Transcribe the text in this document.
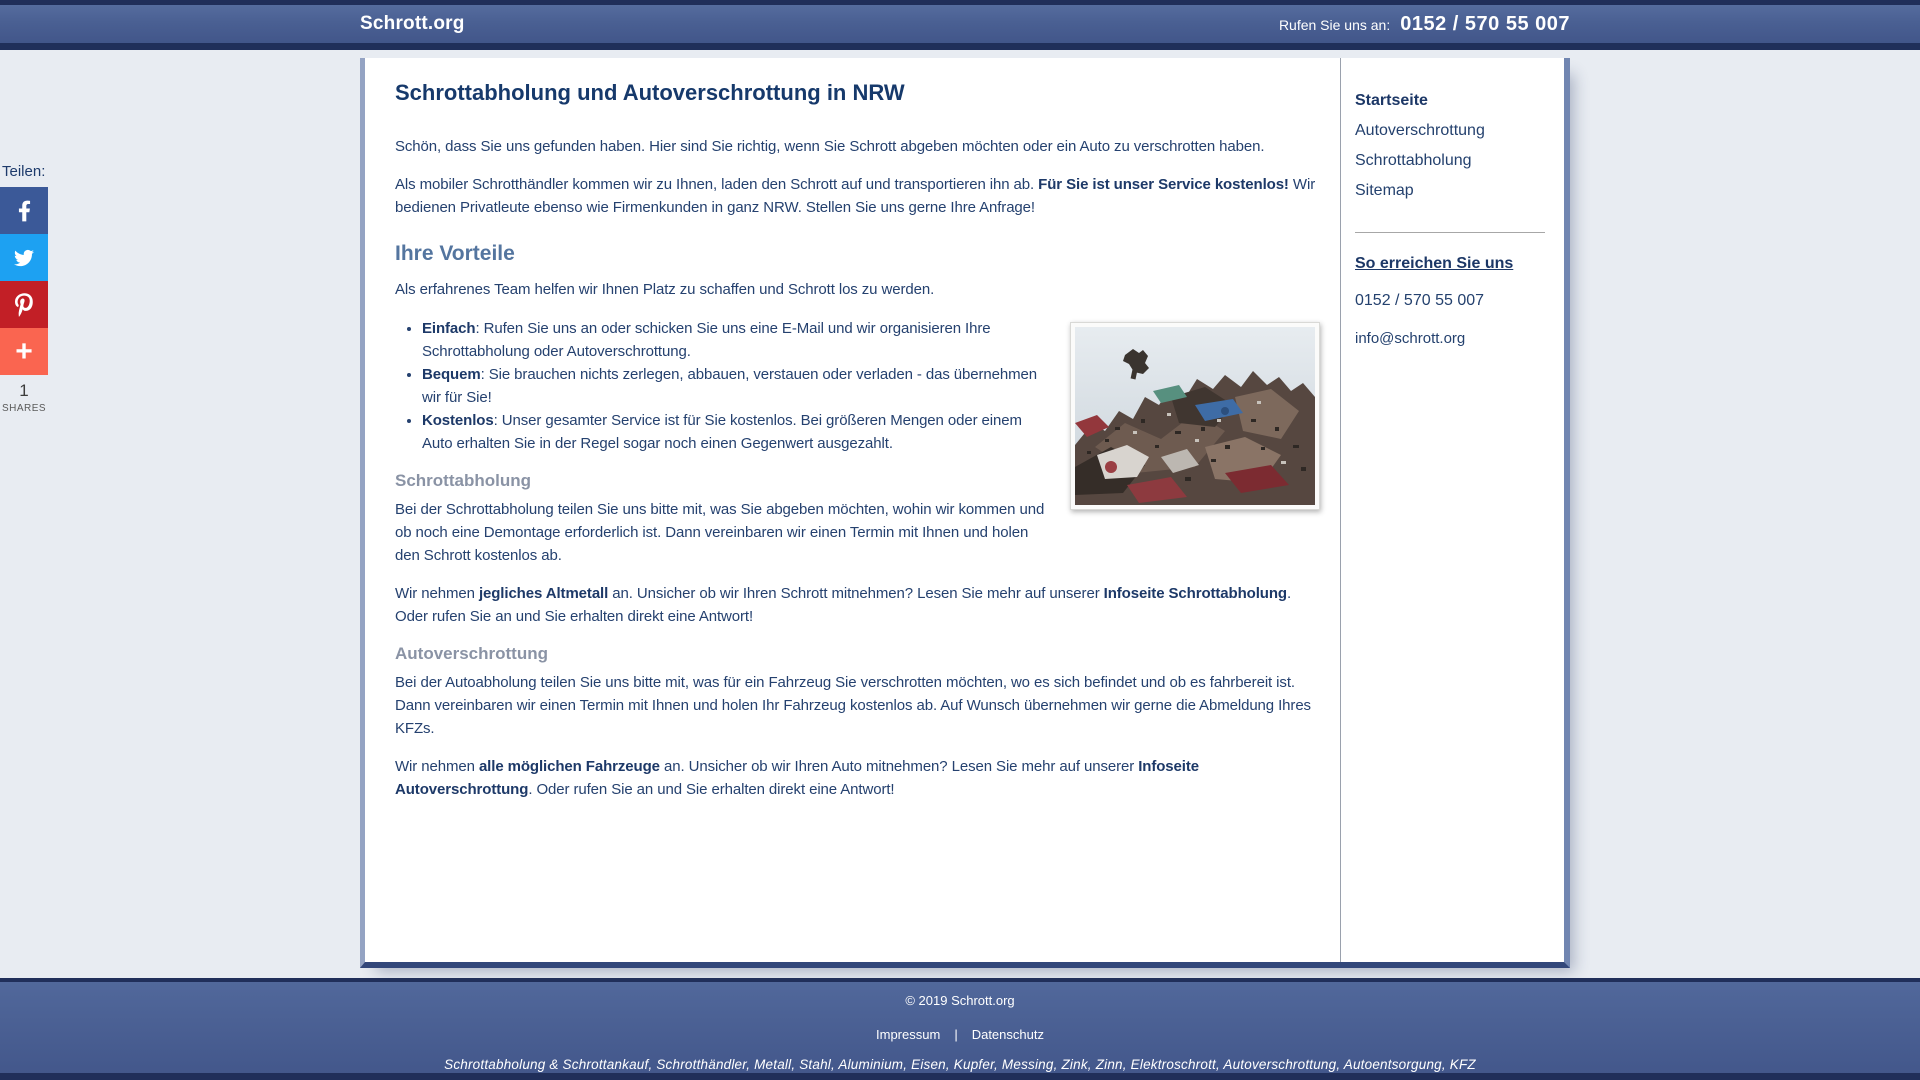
Schrott.org	Rufen Sie uns an: 0152 / 570 55 007
Teilen:
+
1
SHARES
Schrottabholung und Autoverschrottung in NRW

Schön, dass Sie uns gefunden haben. Hier sind Sie richtig, wenn Sie Schrott abgeben möchten oder ein Auto zu verschrotten haben.

Als mobiler Schrotthändler kommen wir zu Ihnen, laden den Schrott auf und transportieren ihn ab. Für Sie ist unser Service kostenlos! Wir bedienen Privatleute ebenso wie Firmenkunden in ganz NRW. Stellen Sie uns gerne Ihre Anfrage!

Ihre Vorteile

Als erfahrenes Team helfen wir Ihnen Platz zu schaffen und Schrott los zu werden.

• Einfach: Rufen Sie uns an oder schicken Sie uns eine E-Mail und wir organisieren Ihre Schrottabholung oder Autoverschrottung.
• Bequem: Sie brauchen nichts zerlegen, abbauen, verstauen oder verladen - das übernehmen wir für Sie!
• Kostenlos: Unser gesamter Service ist für Sie kostenlos. Bei größeren Mengen oder einem Auto erhalten Sie in der Regel sogar noch einen Gegenwert ausgezahlt.
Schrottabholung

Bei der Schrottabholung teilen Sie uns bitte mit, was Sie abgeben möchten, wohin wir kommen und ob noch eine Demontage erforderlich ist. Dann vereinbaren wir einen Termin mit Ihnen und holen den Schrott kostenlos ab.

Wir nehmen jegliches Altmetall an. Unsicher ob wir Ihren Schrott mitnehmen? Lesen Sie mehr auf unserer Infoseite Schrottabholung. Oder rufen Sie an und Sie erhalten direkt eine Antwort!

Autoverschrottung

Bei der Autoabholung teilen Sie uns bitte mit, was für ein Fahrzeug Sie verschrotten möchten, wo es sich befindet und ob es fahrbereit ist. Dann vereinbaren wir einen Termin mit Ihnen und holen Ihr Fahrzeug kostenlos ab. Auf Wunsch übernehmen wir gerne die Abmeldung Ihres KFZs.

Wir nehmen alle möglichen Fahrzeuge an. Unsicher ob wir Ihren Auto mitnehmen? Lesen Sie mehr auf unserer Infoseite Autoverschrottung. Oder rufen Sie an und Sie erhalten direkt eine Antwort!

Startseite
Autoverschrottung
Schrottabholung
Sitemap
So erreichen Sie uns
0152 / 570 55 007
info@schrott.org
© 2019 Schrott.org
Impressum | Datenschutz
Schrottabholung & Schrottankauf, Schrotthändler, Metall, Stahl, Aluminium, Eisen, Kupfer, Messing, Zink, Zinn, Elektroschrott, Autoverschrottung, Autoentsorgung, KFZ
